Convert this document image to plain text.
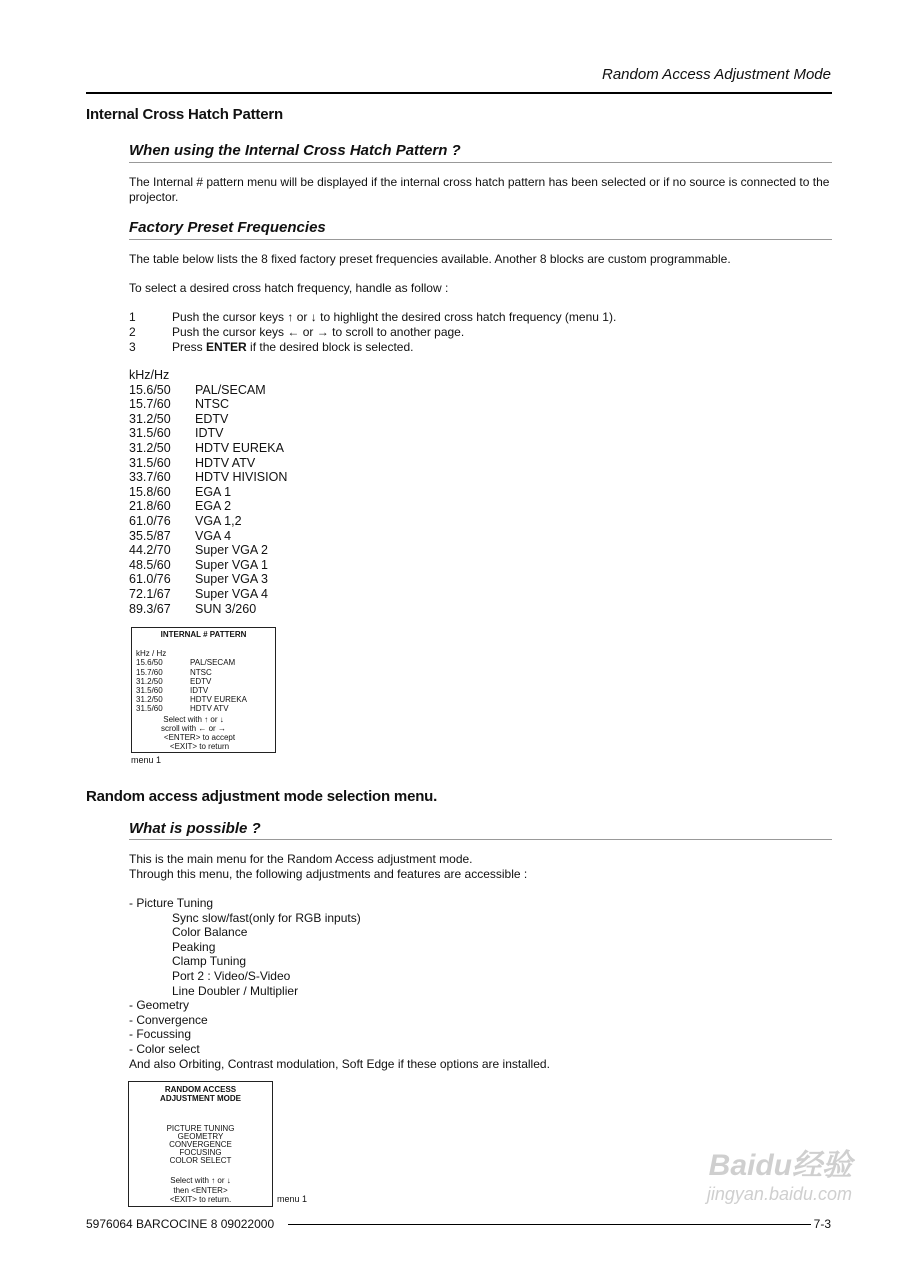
Random Access Adjustment Mode
Internal Cross Hatch Pattern
When using the Internal Cross Hatch Pattern ?
The Internal # pattern menu will be displayed if the internal cross hatch pattern has been selected or if no source is connected to the projector.
Factory Preset Frequencies
The table below lists the 8 fixed factory preset frequencies available. Another 8 blocks are custom programmable.
To select a desired cross hatch frequency, handle as follow :
1	Push the cursor keys ↑ or ↓ to highlight the desired cross hatch frequency (menu 1).
2	Push the cursor keys ← or → to scroll to another page.
3	Press ENTER if the desired block is selected.
kHz/Hz
15.6/50 PAL/SECAM
15.7/60 NTSC
31.2/50 EDTV
31.5/60 IDTV
31.2/50 HDTV EUREKA
31.5/60 HDTV ATV
33.7/60 HDTV HIVISION
15.8/60 EGA 1
21.8/60 EGA 2
61.0/76 VGA 1,2
35.5/87 VGA 4
44.2/70 Super VGA 2
48.5/60 Super VGA 1
61.0/76 Super VGA 3
72.1/67 Super VGA 4
89.3/67 SUN 3/260
INTERNAL # PATTERN
kHz / Hz
15.6/50	PAL/SECAM
15.7/60	NTSC
31.2/50	EDTV
31.5/60	IDTV
31.2/50	HDTV EUREKA
31.5/60	HDTV ATV
Select with ↑ or ↓
scroll with ← or →
<ENTER> to accept
<EXIT> to return
menu 1
Random access adjustment mode selection menu.
What is possible ?
This is the main menu for the Random Access adjustment mode.
Through this menu, the following adjustments and features are accessible :
- Picture Tuning
Sync slow/fast(only for RGB inputs)
Color Balance
Peaking
Clamp Tuning
Port 2 : Video/S-Video
Line Doubler / Multiplier
- Geometry
- Convergence
- Focussing
- Color select
And also Orbiting, Contrast modulation, Soft Edge if these options are installed.
RANDOM ACCESS
ADJUSTMENT MODE
PICTURE TUNING
GEOMETRY
CONVERGENCE
FOCUSING
COLOR SELECT
Select with ↑ or ↓
then <ENTER>
<EXIT> to return.	menu 1
5976064 BARCOCINE 8 09022000	7-3
Baidu经验
jingyan.baidu.com
